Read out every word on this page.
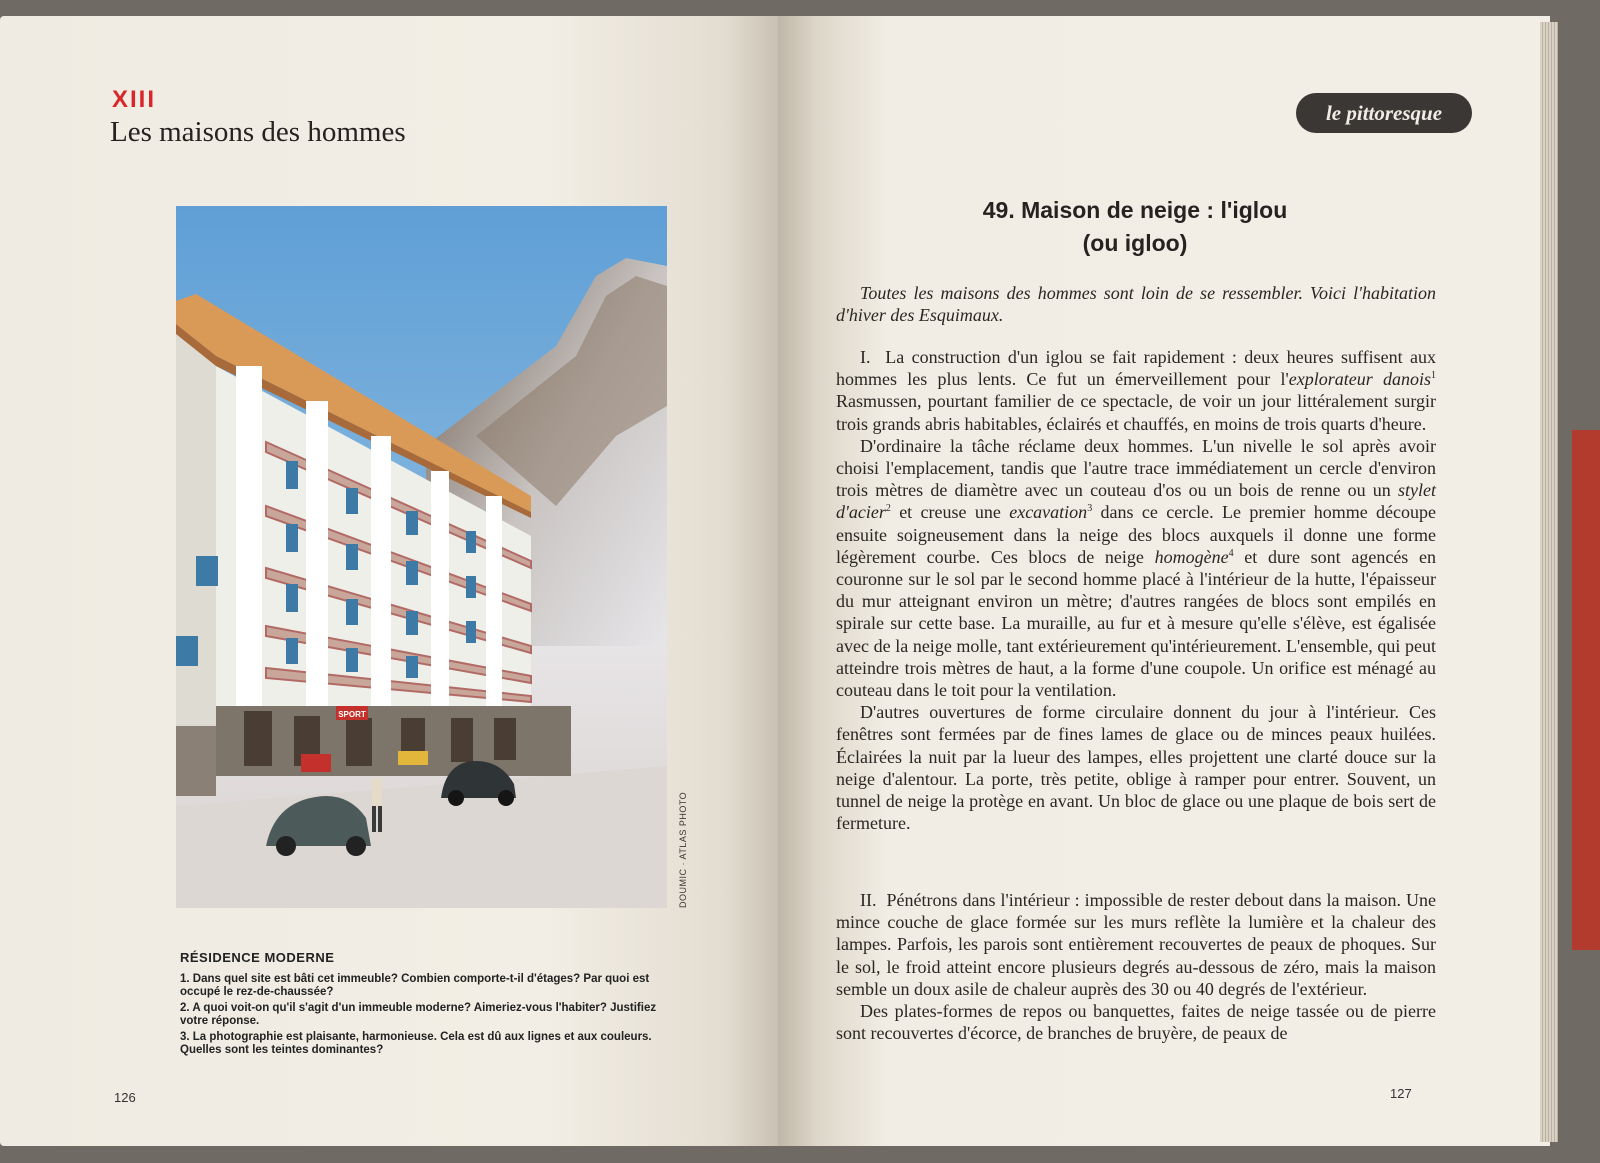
XIII
Les maisons des hommes
SPORT
DOUMIC · ATLAS PHOTO
RÉSIDENCE MODERNE

1. Dans quel site est bâti cet immeuble? Combien comporte-t-il d'étages? Par quoi est occupé le rez-de-chaussée?

2. A quoi voit-on qu'il s'agit d'un immeuble moderne? Aimeriez-vous l'habiter? Justifiez votre réponse.

3. La photographie est plaisante, harmonieuse. Cela est dû aux lignes et aux couleurs. Quelles sont les teintes dominantes?

126
le pittoresque
49. Maison de neige : l'iglou
(ou igloo)

Toutes les maisons des hommes sont loin de se ressembler. Voici l'habitation d'hiver des Esquimaux.

I. La construction d'un iglou se fait rapidement : deux heures suffisent aux hommes les plus lents. Ce fut un émerveillement pour l'explorateur danois$^1$ Rasmussen, pourtant familier de ce spectacle, de voir un jour littéralement surgir trois grands abris habitables, éclairés et chauffés, en moins de trois quarts d'heure.

D'ordinaire la tâche réclame deux hommes. L'un nivelle le sol après avoir choisi l'emplacement, tandis que l'autre trace immédiatement un cercle d'environ trois mètres de diamètre avec un couteau d'os ou un bois de renne ou un stylet d'acier$^2$ et creuse une excavation$^3$ dans ce cercle. Le premier homme découpe ensuite soigneusement dans la neige des blocs auxquels il donne une forme légèrement courbe. Ces blocs de neige homogène$^4$ et dure sont agencés en couronne sur le sol par le second homme placé à l'intérieur de la hutte, l'épaisseur du mur atteignant environ un mètre; d'autres rangées de blocs sont empilés en spirale sur cette base. La muraille, au fur et à mesure qu'elle s'élève, est égalisée avec de la neige molle, tant extérieurement qu'intérieurement. L'ensemble, qui peut atteindre trois mètres de haut, a la forme d'une coupole. Un orifice est ménagé au couteau dans le toit pour la ventilation.

D'autres ouvertures de forme circulaire donnent du jour à l'intérieur. Ces fenêtres sont fermées par de fines lames de glace ou de minces peaux huilées. Éclairées la nuit par la lueur des lampes, elles projettent une clarté douce sur la neige d'alentour. La porte, très petite, oblige à ramper pour entrer. Souvent, un tunnel de neige la protège en avant. Un bloc de glace ou une plaque de bois sert de fermeture.

II. Pénétrons dans l'intérieur : impossible de rester debout dans la maison. Une mince couche de glace formée sur les murs reflète la lumière et la chaleur des lampes. Parfois, les parois sont entièrement recouvertes de peaux de phoques. Sur le sol, le froid atteint encore plusieurs degrés au-dessous de zéro, mais la maison semble un doux asile de chaleur auprès des 30 ou 40 degrés de l'extérieur.

Des plates-formes de repos ou banquettes, faites de neige tassée ou de pierre sont recouvertes d'écorce, de branches de bruyère, de peaux de

127
